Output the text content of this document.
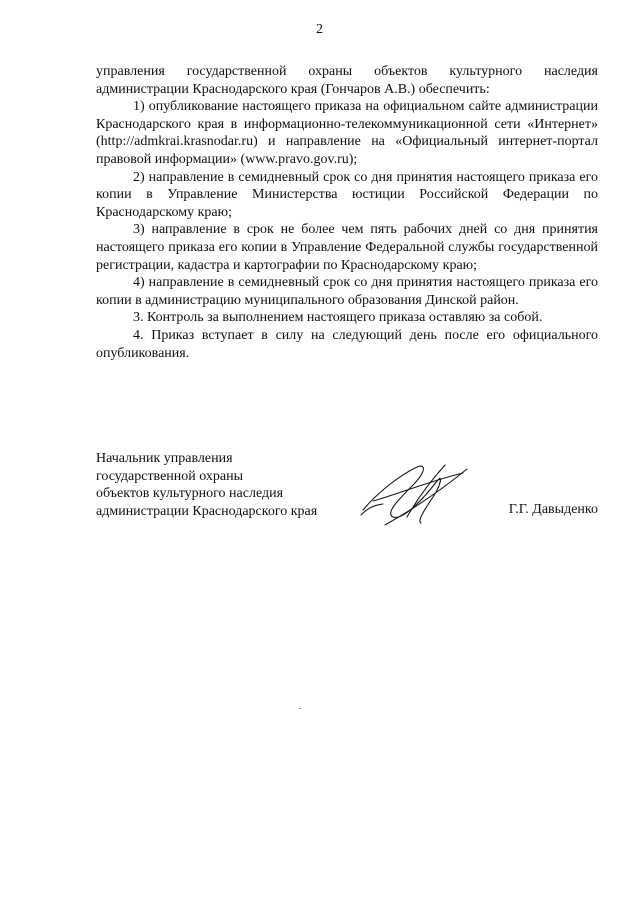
2

управления государственной охраны объектов культурного наследия администрации Краснодарского края (Гончаров А.В.) обеспечить:

1) опубликование настоящего приказа на официальном сайте администрации Краснодарского края в информационно-телекоммуникационной сети «Интернет» (http://admkrai.krasnodar.ru) и направление на «Официальный интернет-портал правовой информации» (www.pravo.gov.ru);

2) направление в семидневный срок со дня принятия настоящего приказа его копии в Управление Министерства юстиции Российской Федерации по Краснодарскому краю;

3) направление в срок не более чем пять рабочих дней со дня принятия настоящего приказа его копии в Управление Федеральной службы государственной регистрации, кадастра и картографии по Краснодарскому краю;

4) направление в семидневный срок со дня принятия настоящего приказа его копии в администрацию муниципального образования Динской район.

3. Контроль за выполнением настоящего приказа оставляю за собой.

4. Приказ вступает в силу на следующий день после его официального опубликования.

Начальник управления
государственной охраны
объектов культурного наследия
администрации Краснодарского края	Г.Г. Давыденко
